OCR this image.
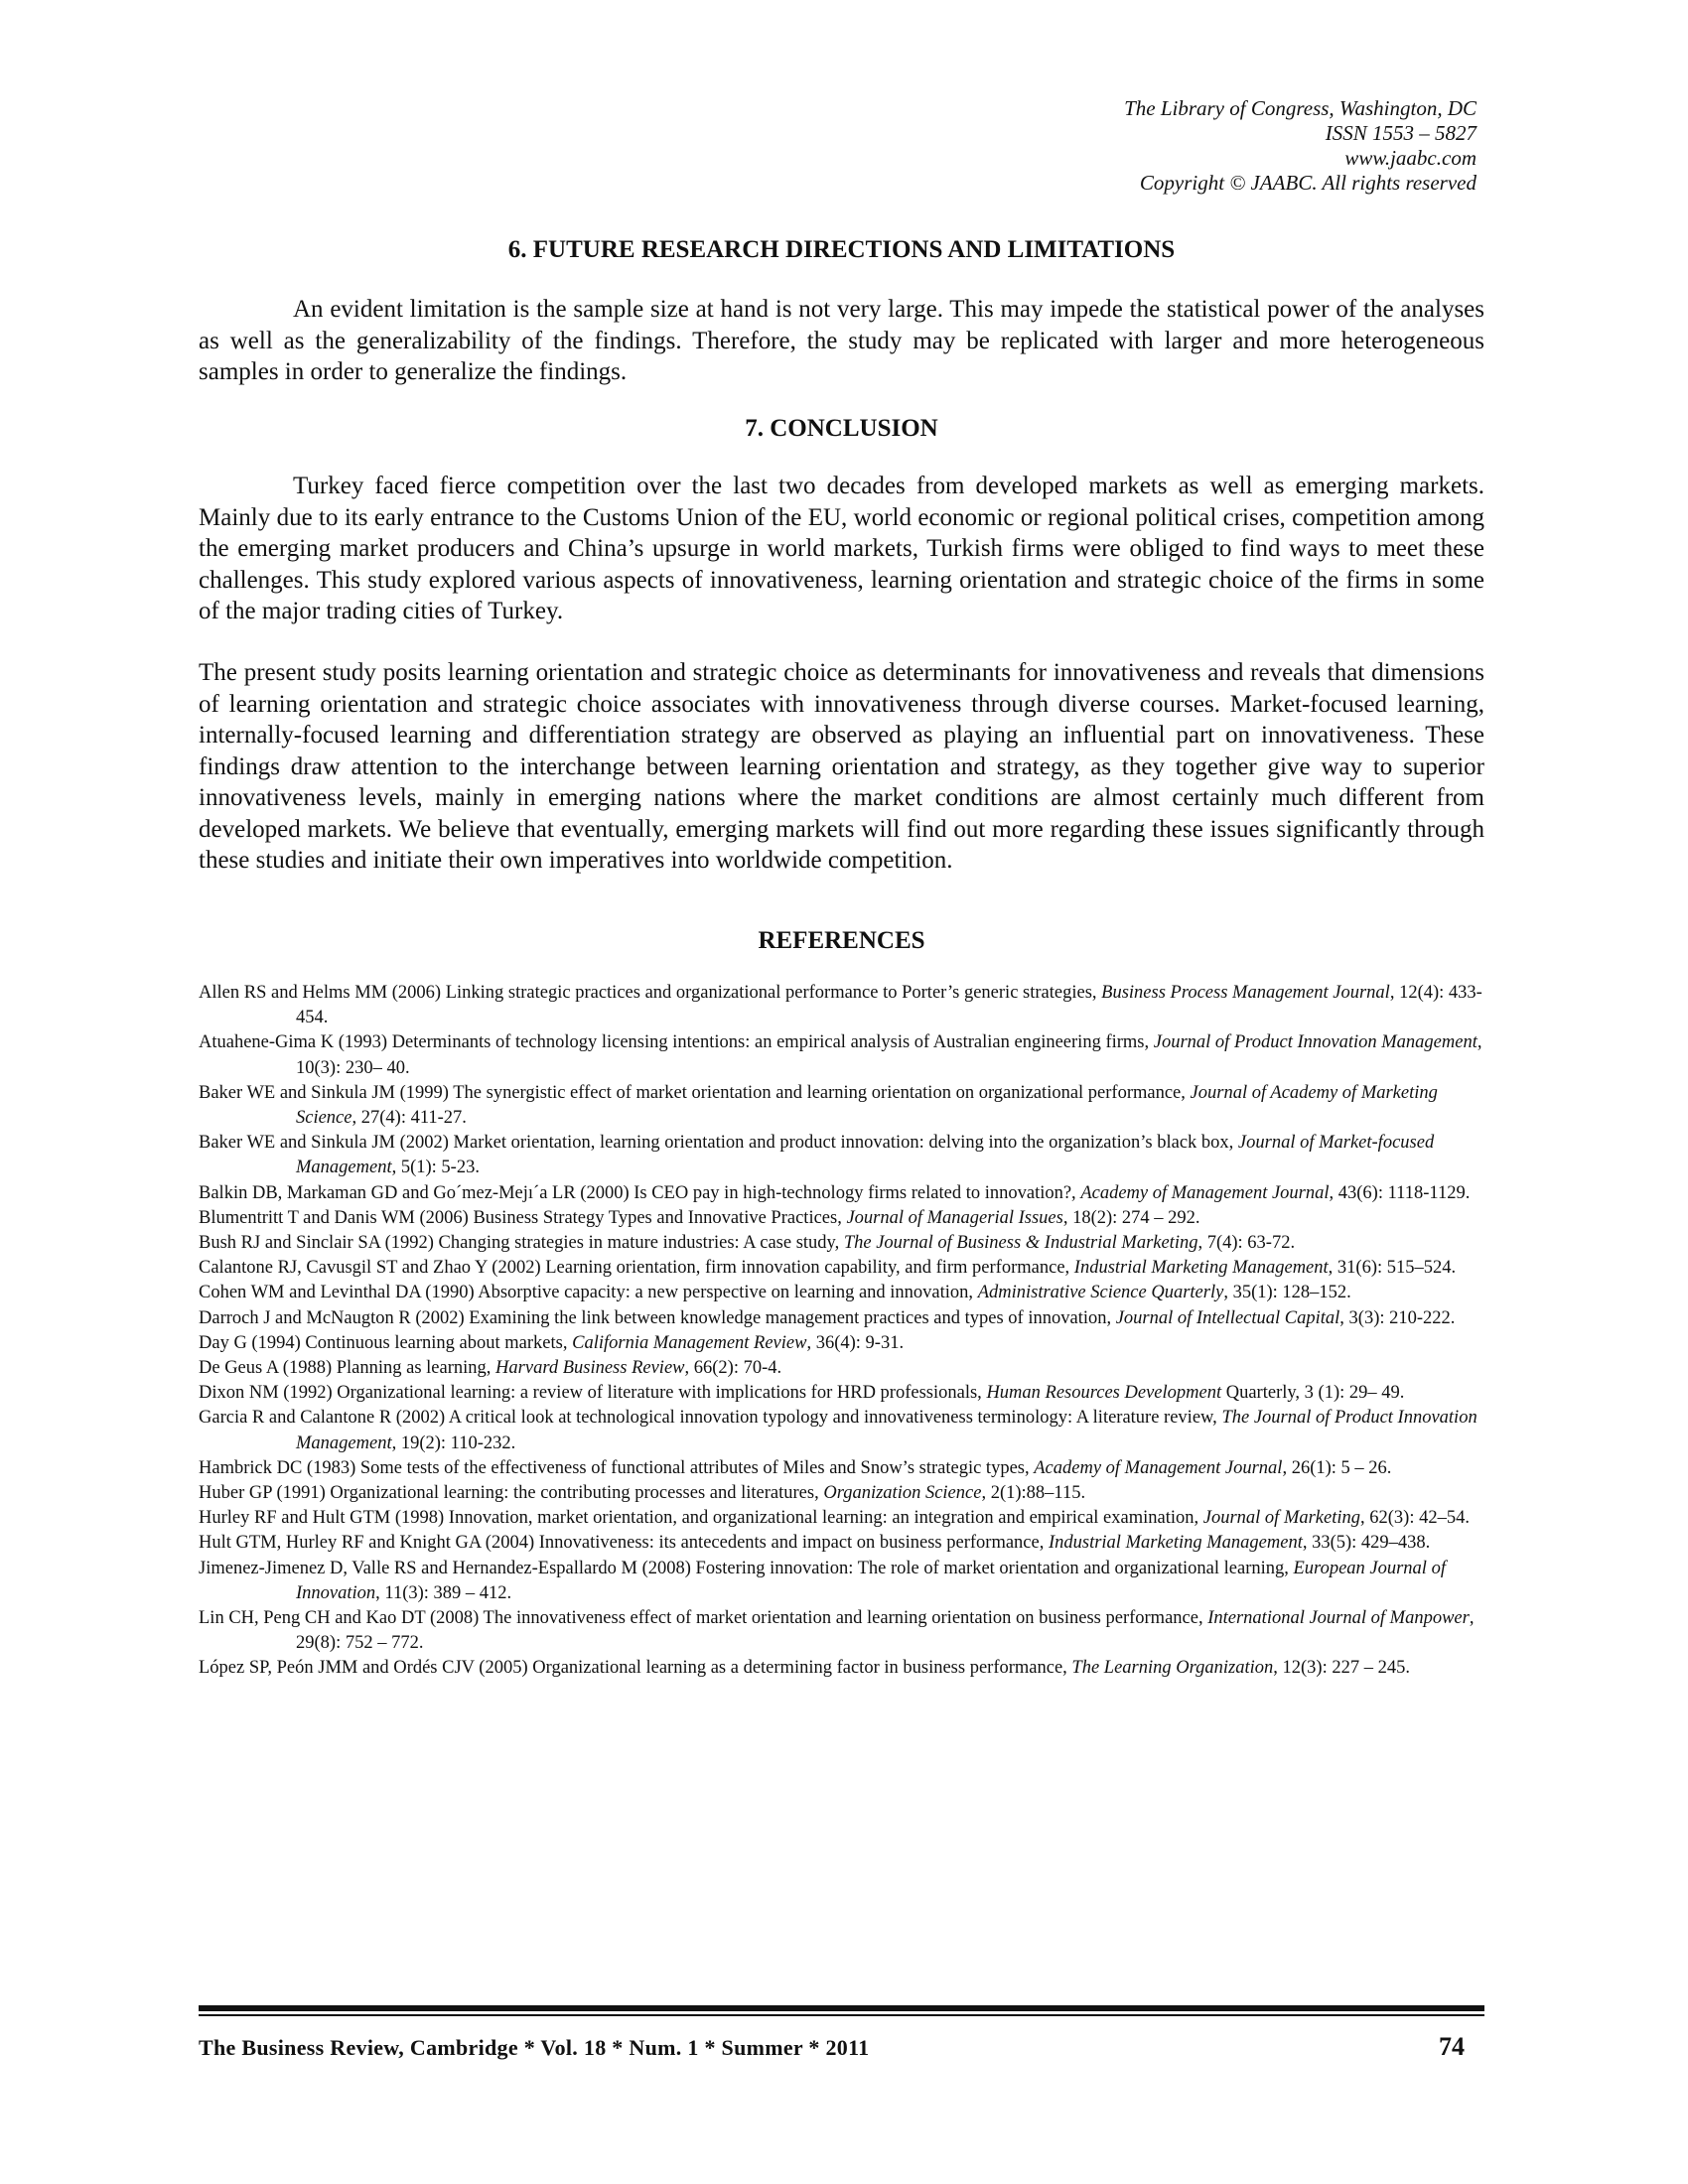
The Library of Congress, Washington, DC
ISSN 1553 – 5827
www.jaabc.com
Copyright © JAABC. All rights reserved
6. FUTURE RESEARCH DIRECTIONS AND LIMITATIONS

An evident limitation is the sample size at hand is not very large. This may impede the statistical power of the analyses as well as the generalizability of the findings. Therefore, the study may be replicated with larger and more heterogeneous samples in order to generalize the findings.

7. CONCLUSION

Turkey faced fierce competition over the last two decades from developed markets as well as emerging markets. Mainly due to its early entrance to the Customs Union of the EU, world economic or regional political crises, competition among the emerging market producers and China’s upsurge in world markets, Turkish firms were obliged to find ways to meet these challenges. This study explored various aspects of innovativeness, learning orientation and strategic choice of the firms in some of the major trading cities of Turkey.

The present study posits learning orientation and strategic choice as determinants for innovativeness and reveals that dimensions of learning orientation and strategic choice associates with innovativeness through diverse courses. Market-focused learning, internally-focused learning and differentiation strategy are observed as playing an influential part on innovativeness. These findings draw attention to the interchange between learning orientation and strategy, as they together give way to superior innovativeness levels, mainly in emerging nations where the market conditions are almost certainly much different from developed markets. We believe that eventually, emerging markets will find out more regarding these issues significantly through these studies and initiate their own imperatives into worldwide competition.

REFERENCES

Allen RS and Helms MM (2006) Linking strategic practices and organizational performance to Porter’s generic strategies, Business Process Management Journal, 12(4): 433-454.

Atuahene-Gima K (1993) Determinants of technology licensing intentions: an empirical analysis of Australian engineering firms, Journal of Product Innovation Management, 10(3): 230– 40.

Baker WE and Sinkula JM (1999) The synergistic effect of market orientation and learning orientation on organizational performance, Journal of Academy of Marketing Science, 27(4): 411-27.

Baker WE and Sinkula JM (2002) Market orientation, learning orientation and product innovation: delving into the organization’s black box, Journal of Market-focused Management, 5(1): 5-23.

Balkin DB, Markaman GD and Go´mez-Mejı´a LR (2000) Is CEO pay in high-technology firms related to innovation?, Academy of Management Journal, 43(6): 1118-1129.

Blumentritt T and Danis WM (2006) Business Strategy Types and Innovative Practices, Journal of Managerial Issues, 18(2): 274 – 292.

Bush RJ and Sinclair SA (1992) Changing strategies in mature industries: A case study, The Journal of Business & Industrial Marketing, 7(4): 63-72.

Calantone RJ, Cavusgil ST and Zhao Y (2002) Learning orientation, firm innovation capability, and firm performance, Industrial Marketing Management, 31(6): 515–524.

Cohen WM and Levinthal DA (1990) Absorptive capacity: a new perspective on learning and innovation, Administrative Science Quarterly, 35(1): 128–152.

Darroch J and McNaugton R (2002) Examining the link between knowledge management practices and types of innovation, Journal of Intellectual Capital, 3(3): 210-222.

Day G (1994) Continuous learning about markets, California Management Review, 36(4): 9-31.

De Geus A (1988) Planning as learning, Harvard Business Review, 66(2): 70-4.

Dixon NM (1992) Organizational learning: a review of literature with implications for HRD professionals, Human Resources Development Quarterly, 3 (1): 29– 49.

Garcia R and Calantone R (2002) A critical look at technological innovation typology and innovativeness terminology: A literature review, The Journal of Product Innovation Management, 19(2): 110-232.

Hambrick DC (1983) Some tests of the effectiveness of functional attributes of Miles and Snow’s strategic types, Academy of Management Journal, 26(1): 5 – 26.

Huber GP (1991) Organizational learning: the contributing processes and literatures, Organization Science, 2(1):88–115.

Hurley RF and Hult GTM (1998) Innovation, market orientation, and organizational learning: an integration and empirical examination, Journal of Marketing, 62(3): 42–54.

Hult GTM, Hurley RF and Knight GA (2004) Innovativeness: its antecedents and impact on business performance, Industrial Marketing Management, 33(5): 429–438.

Jimenez-Jimenez D, Valle RS and Hernandez-Espallardo M (2008) Fostering innovation: The role of market orientation and organizational learning, European Journal of Innovation, 11(3): 389 – 412.

Lin CH, Peng CH and Kao DT (2008) The innovativeness effect of market orientation and learning orientation on business performance, International Journal of Manpower, 29(8): 752 – 772.

López SP, Peón JMM and Ordés CJV (2005) Organizational learning as a determining factor in business performance, The Learning Organization, 12(3): 227 – 245.

The Business Review, Cambridge * Vol. 18 * Num. 1 * Summer * 2011	74
